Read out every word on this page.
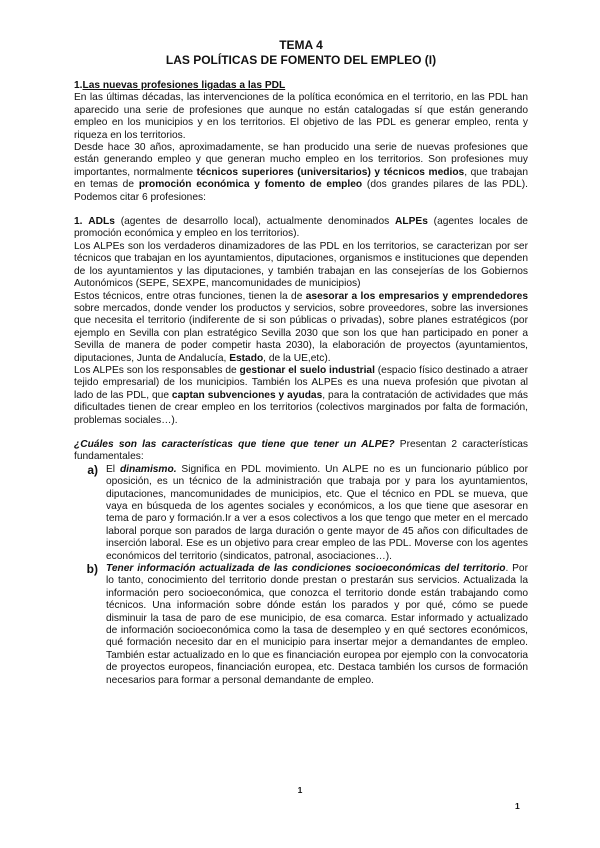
TEMA 4
LAS POLÍTICAS DE FOMENTO DEL EMPLEO (I)

1.Las nuevas profesiones ligadas a las PDL

En las últimas décadas, las intervenciones de la política económica en el territorio, en las PDL han aparecido una serie de profesiones que aunque no están catalogadas sí que están generando empleo en los municipios y en los territorios. El objetivo de las PDL es generar empleo, renta y riqueza en los territorios.

Desde hace 30 años, aproximadamente, se han producido una serie de nuevas profesiones que están generando empleo y que generan mucho empleo en los territorios. Son profesiones muy importantes, normalmente técnicos superiores (universitarios) y técnicos medios, que trabajan en temas de promoción económica y fomento de empleo (dos grandes pilares de las PDL). Podemos citar 6 profesiones:

1. ADLs (agentes de desarrollo local), actualmente denominados ALPEs (agentes locales de promoción económica y empleo en los territorios).

Los ALPEs son los verdaderos dinamizadores de las PDL en los territorios, se caracterizan por ser técnicos que trabajan en los ayuntamientos, diputaciones, organismos e instituciones que dependen de los ayuntamientos y las diputaciones, y también trabajan en las consejerías de los Gobiernos Autonómicos (SEPE, SEXPE, mancomunidades de municipios)

Estos técnicos, entre otras funciones, tienen la de asesorar a los empresarios y emprendedores sobre mercados, donde vender los productos y servicios, sobre proveedores, sobre las inversiones que necesita el territorio (indiferente de si son públicas o privadas), sobre planes estratégicos (por ejemplo en Sevilla con plan estratégico Sevilla 2030 que son los que han participado en poner a Sevilla de manera de poder competir hasta 2030), la elaboración de proyectos (ayuntamientos, diputaciones, Junta de Andalucía, Estado, de la UE,etc).

Los ALPEs son los responsables de gestionar el suelo industrial (espacio físico destinado a atraer tejido empresarial) de los municipios. También los ALPEs es una nueva profesión que pivotan al lado de las PDL, que captan subvenciones y ayudas, para la contratación de actividades que más dificultades tienen de crear empleo en los territorios (colectivos marginados por falta de formación, problemas sociales…).

¿Cuáles son las características que tiene que tener un ALPE? Presentan 2 características fundamentales:

a) El dinamismo. Significa en PDL movimiento. Un ALPE no es un funcionario público por oposición, es un técnico de la administración que trabaja por y para los ayuntamientos, diputaciones, mancomunidades de municipios, etc. Que el técnico en PDL se mueva, que vaya en búsqueda de los agentes sociales y económicos, a los que tiene que asesorar en tema de paro y formación.Ir a ver a esos colectivos a los que tengo que meter en el mercado laboral porque son parados de larga duración o gente mayor de 45 años con dificultades de inserción laboral. Ese es un objetivo para crear empleo de las PDL. Moverse con los agentes económicos del territorio (sindicatos, patronal, asociaciones…).
b) Tener información actualizada de las condiciones socioeconómicas del territorio. Por lo tanto, conocimiento del territorio donde prestan o prestarán sus servicios. Actualizada la información pero socioeconómica, que conozca el territorio donde están trabajando como técnicos. Una información sobre dónde están los parados y por qué, cómo se puede disminuir la tasa de paro de ese municipio, de esa comarca. Estar informado y actualizado de información socioeconómica como la tasa de desempleo y en qué sectores económicos, qué formación necesito dar en el municipio para insertar mejor a demandantes de empleo. También estar actualizado en lo que es financiación europea por ejemplo con la convocatoria de proyectos europeos, financiación europea, etc. Destaca también los cursos de formación necesarios para formar a personal demandante de empleo.
1
1
